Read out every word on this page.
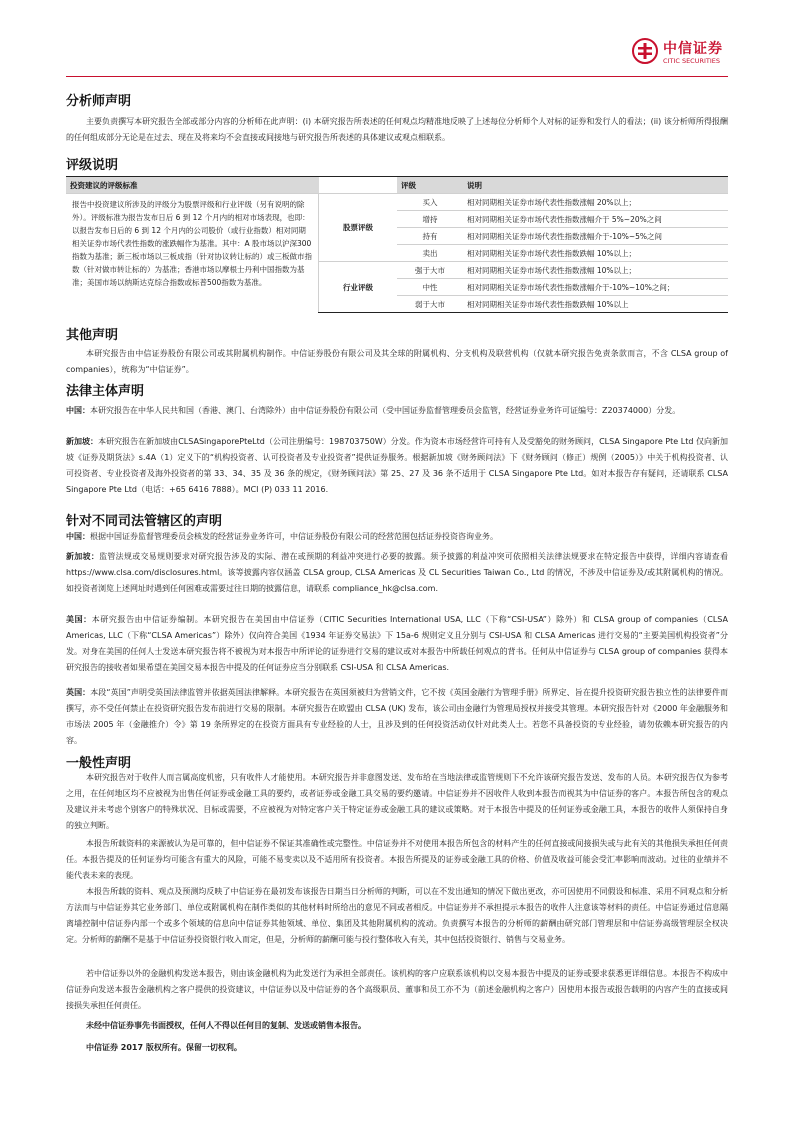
中信证券
CITIC SECURITIES
分析师声明
主要负责撰写本研究报告全部或部分内容的分析师在此声明：(i) 本研究报告所表述的任何观点均精准地反映了上述每位分析师个人对标的证券和发行人的看法；(ii) 该分析师所得报酬的任何组成部分无论是在过去、现在及将来均不会直接或间接地与研究报告所表述的具体建议或观点相联系。
评级说明
投资建议的评级标准		评级	说明
报告中投资建议所涉及的评级分为股票评级和行业评级（另有说明的除外）。评级标准为报告发布日后 6 到 12 个月内的相对市场表现，也即：以报告发布日后的 6 到 12 个月内的公司股价（或行业指数）相对同期相关证券市场代表性指数的涨跌幅作为基准。其中：A 股市场以沪深300指数为基准；新三板市场以三板成指（针对协议转让标的）或三板做市指数（针对做市转让标的）为基准；香港市场以摩根士丹利中国指数为基准；美国市场以纳斯达克综合指数或标普500指数为基准。	股票评级	买入	相对同期相关证券市场代表性指数涨幅 20%以上；
		增持	相对同期相关证券市场代表性指数涨幅介于 5%~20%之间
		持有	相对同期相关证券市场代表性指数涨幅介于-10%~5%之间
		卖出	相对同期相关证券市场代表性指数跌幅 10%以上；
	行业评级	强于大市	相对同期相关证券市场代表性指数涨幅 10%以上；
		中性	相对同期相关证券市场代表性指数涨幅介于-10%~10%之间；
		弱于大市	相对同期相关证券市场代表性指数跌幅 10%以上
其他声明
本研究报告由中信证券股份有限公司或其附属机构制作。中信证券股份有限公司及其全球的附属机构、分支机构及联营机构（仅就本研究报告免责条款而言，不含 CLSA group of companies），统称为“中信证券”。
法律主体声明
中国：本研究报告在中华人民共和国（香港、澳门、台湾除外）由中信证券股份有限公司（受中国证券监督管理委员会监管，经营证券业务许可证编号：Z20374000）分发。
新加坡：本研究报告在新加坡由CLSASingaporePteLtd（公司注册编号：198703750W）分发。作为资本市场经营许可持有人及受豁免的财务顾问，CLSA Singapore Pte Ltd 仅向新加坡《证券及期货法》s.4A（1）定义下的“机构投资者、认可投资者及专业投资者”提供证券服务。根据新加坡《财务顾问法》下《财务顾问（修正）规例（2005）》中关于机构投资者、认可投资者、专业投资者及海外投资者的第 33、34、35 及 36 条的规定，《财务顾问法》第 25、27 及 36 条不适用于 CLSA Singapore Pte Ltd。如对本报告存有疑问，还请联系 CLSA Singapore Pte Ltd（电话：+65 6416 7888）。MCI (P) 033 11 2016.
针对不同司法管辖区的声明
中国：根据中国证券监督管理委员会核发的经营证券业务许可，中信证券股份有限公司的经营范围包括证券投资咨询业务。
新加坡：监管法规或交易规则要求对研究报告涉及的实际、潜在或预期的利益冲突进行必要的披露。须予披露的利益冲突可依照相关法律法规要求在特定报告中获得，详细内容请查看 https://www.clsa.com/disclosures.html。该等披露内容仅涵盖 CLSA group, CLSA Americas 及 CL Securities Taiwan Co., Ltd 的情况，不涉及中信证券及/或其附属机构的情况。如投资者浏览上述网址时遇到任何困难或需要过往日期的披露信息，请联系 compliance_hk@clsa.com.
美国：本研究报告由中信证券编制。本研究报告在美国由中信证券（CITIC Securities International USA, LLC（下称“CSI-USA”）除外）和 CLSA group of companies（CLSA Americas, LLC（下称“CLSA Americas”）除外）仅向符合美国《1934 年证券交易法》下 15a-6 规则定义且分别与 CSI-USA 和 CLSA Americas 进行交易的“主要美国机构投资者”分发。对身在美国的任何人士发送本研究报告将不被视为对本报告中所评论的证券进行交易的建议或对本报告中所载任何观点的背书。任何从中信证券与 CLSA group of companies 获得本研究报告的接收者如果希望在美国交易本报告中提及的任何证券应当分别联系 CSI-USA 和 CLSA Americas.
英国：本段“英国”声明受英国法律监管并依据英国法律解释。本研究报告在英国须被归为营销文件，它不按《英国金融行为管理手册》所界定、旨在提升投资研究报告独立性的法律要件而撰写，亦不受任何禁止在投资研究报告发布前进行交易的限制。本研究报告在欧盟由 CLSA (UK) 发布，该公司由金融行为管理局授权并接受其管理。本研究报告针对《2000 年金融服务和市场法 2005 年（金融推介）令》第 19 条所界定的在投资方面具有专业经验的人士，且涉及到的任何投资活动仅针对此类人士。若您不具备投资的专业经验，请勿依赖本研究报告的内容。
一般性声明
本研究报告对于收件人而言属高度机密，只有收件人才能使用。本研究报告并非意图发送、发布给在当地法律或监管规则下不允许该研究报告发送、发布的人员。本研究报告仅为参考之用，在任何地区均不应被视为出售任何证券或金融工具的要约，或者证券或金融工具交易的要约邀请。中信证券并不因收件人收到本报告而视其为中信证券的客户。本报告所包含的观点及建议并未考虑个别客户的特殊状况、目标或需要，不应被视为对特定客户关于特定证券或金融工具的建议或策略。对于本报告中提及的任何证券或金融工具，本报告的收件人须保持自身的独立判断。
本报告所载资料的来源被认为是可靠的，但中信证券不保证其准确性或完整性。中信证券并不对使用本报告所包含的材料产生的任何直接或间接损失或与此有关的其他损失承担任何责任。本报告提及的任何证券均可能含有重大的风险，可能不易变卖以及不适用所有投资者。本报告所提及的证券或金融工具的价格、价值及收益可能会受汇率影响而波动。过往的业绩并不能代表未来的表现。
本报告所载的资料、观点及预测均反映了中信证券在最初发布该报告日期当日分析师的判断，可以在不发出通知的情况下做出更改，亦可因使用不同假设和标准、采用不同观点和分析方法而与中信证券其它业务部门、单位或附属机构在制作类似的其他材料时所给出的意见不同或者相反。中信证券并不承担提示本报告的收件人注意该等材料的责任。中信证券通过信息隔离墙控制中信证券内部一个或多个领域的信息向中信证券其他领域、单位、集团及其他附属机构的流动。负责撰写本报告的分析师的薪酬由研究部门管理层和中信证券高级管理层全权决定。分析师的薪酬不是基于中信证券投资银行收入而定，但是，分析师的薪酬可能与投行整体收入有关，其中包括投资银行、销售与交易业务。
若中信证券以外的金融机构发送本报告，则由该金融机构为此发送行为承担全部责任。该机构的客户应联系该机构以交易本报告中提及的证券或要求获悉更详细信息。本报告不构成中信证券向发送本报告金融机构之客户提供的投资建议，中信证券以及中信证券的各个高级职员、董事和员工亦不为（前述金融机构之客户）因使用本报告或报告载明的内容产生的直接或间接损失承担任何责任。
未经中信证券事先书面授权，任何人不得以任何目的复制、发送或销售本报告。
中信证券 2017 版权所有。保留一切权利。
